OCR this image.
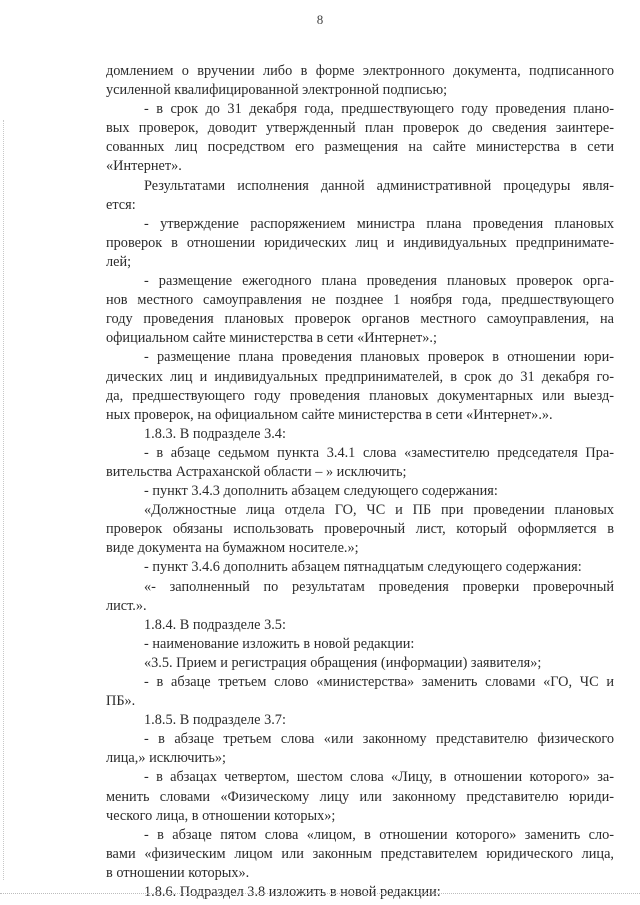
8
домлением о вручении либо в форме электронного документа, подписанного
усиленной квалифицированной электронной подписью;
- в срок до 31 декабря года, предшествующего году проведения плано-
вых проверок, доводит утвержденный план проверок до сведения заинтере-
сованных лиц посредством его размещения на сайте министерства в сети
«Интернет».
Результатами исполнения данной административной процедуры явля-
ется:
- утверждение распоряжением министра плана проведения плановых
проверок в отношении юридических лиц и индивидуальных предпринимате-
лей;
- размещение ежегодного плана проведения плановых проверок орга-
нов местного самоуправления не позднее 1 ноября года, предшествующего
году проведения плановых проверок органов местного самоуправления, на
официальном сайте министерства в сети «Интернет».;
- размещение плана проведения плановых проверок в отношении юри-
дических лиц и индивидуальных предпринимателей, в срок до 31 декабря го-
да, предшествующего году проведения плановых документарных или выезд-
ных проверок, на официальном сайте министерства в сети «Интернет».».
1.8.3. В подразделе 3.4:
- в абзаце седьмом пункта 3.4.1 слова «заместителю председателя Пра-
вительства Астраханской области – » исключить;
- пункт 3.4.3 дополнить абзацем следующего содержания:
«Должностные лица отдела ГО, ЧС и ПБ при проведении плановых
проверок обязаны использовать проверочный лист, который оформляется в
виде документа на бумажном носителе.»;
- пункт 3.4.6 дополнить абзацем пятнадцатым следующего содержания:
«- заполненный по результатам проведения проверки проверочный
лист.».
1.8.4. В подразделе 3.5:
- наименование изложить в новой редакции:
«3.5. Прием и регистрация обращения (информации) заявителя»;
- в абзаце третьем слово «министерства» заменить словами «ГО, ЧС и
ПБ».
1.8.5. В подразделе 3.7:
- в абзаце третьем слова «или законному представителю физического
лица,» исключить»;
- в абзацах четвертом, шестом слова «Лицу, в отношении которого» за-
менить словами «Физическому лицу или законному представителю юриди-
ческого лица, в отношении которых»;
- в абзаце пятом слова «лицом, в отношении которого» заменить сло-
вами «физическим лицом или законным представителем юридического лица,
в отношении которых».
1.8.6. Подраздел 3.8 изложить в новой редакции:
